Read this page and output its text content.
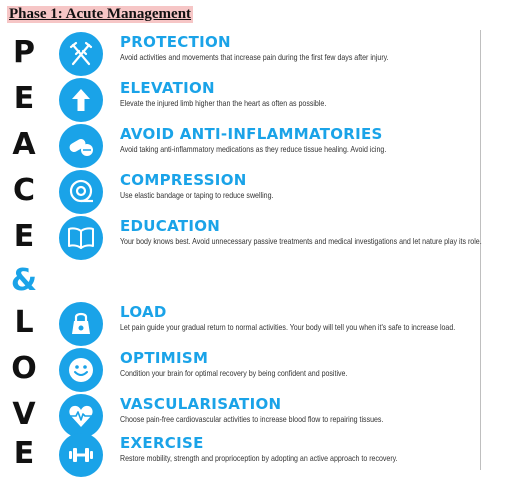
Phase 1: Acute Management
P	PROTECTION
Avoid activities and movements that increase pain during the first few days after injury.
E	ELEVATION
Elevate the injured limb higher than the heart as often as possible.
A	AVOID ANTI-INFLAMMATORIES
Avoid taking anti-inflammatory medications as they reduce tissue healing. Avoid icing.
C	COMPRESSION
Use elastic bandage or taping to reduce swelling.
E	EDUCATION
Your body knows best. Avoid unnecessary passive treatments and medical investigations and let nature play its role.
&
L	LOAD
Let pain guide your gradual return to normal activities. Your body will tell you when it's safe to increase load.
O	OPTIMISM
Condition your brain for optimal recovery by being confident and positive.
V	VASCULARISATION
Choose pain-free cardiovascular activities to increase blood flow to repairing tissues.
E	EXERCISE
Restore mobility, strength and proprioception by adopting an active approach to recovery.
